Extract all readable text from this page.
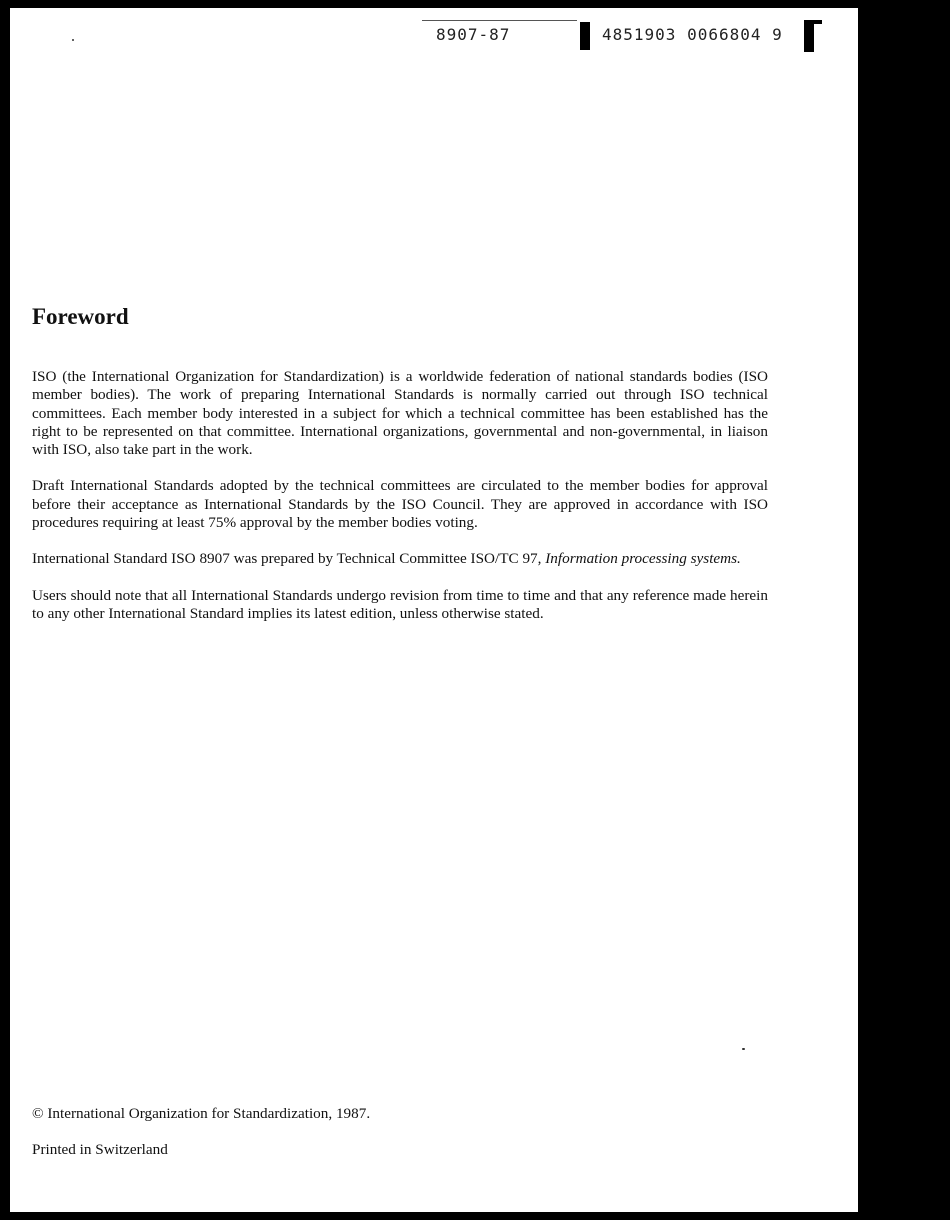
8907-87	4851903 0066804 9
Foreword

ISO (the International Organization for Standardization) is a worldwide federation of national standards bodies (ISO member bodies). The work of preparing International Standards is normally carried out through ISO technical committees. Each member body interested in a subject for which a technical committee has been established has the right to be represented on that committee. International organizations, governmental and non-governmental, in liaison with ISO, also take part in the work.

Draft International Standards adopted by the technical committees are circulated to the member bodies for approval before their acceptance as International Standards by the ISO Council. They are approved in accordance with ISO procedures requiring at least 75% approval by the member bodies voting.

International Standard ISO 8907 was prepared by Technical Committee ISO/TC 97, Information processing systems.

Users should note that all International Standards undergo revision from time to time and that any reference made herein to any other International Standard implies its latest edition, unless otherwise stated.

© International Organization for Standardization, 1987.
Printed in Switzerland
